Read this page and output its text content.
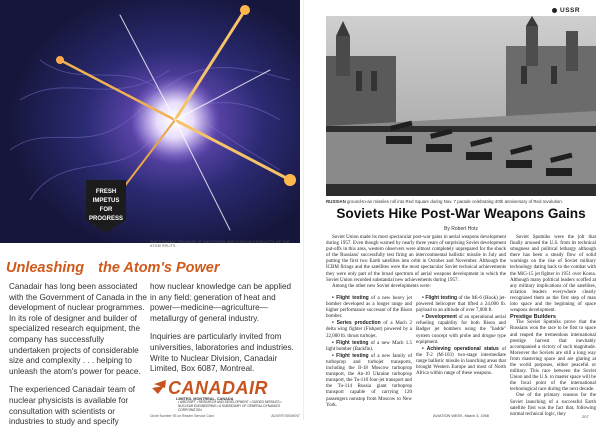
FRESH
IMPETUS
FOR
PROGRESS
THE DYNAMIC RELEASE OF NEUTRONS AND FISSION PRODUCTS AS THE ATOM SPLITS.
Unleashing the Atom's Power

Canadair has long been associated with the Government of Canada in the development of nuclear programmes. In its role of designer and builder of specialized research equipment, the company has successfully undertaken projects of considerable size and complexity . . . helping to unleash the atom's power for peace.

The experienced Canadair team of nuclear physicists is available for consultation with scientists or industries to study and specify

how nuclear knowledge can be applied in any field: generation of heat and power—medicine—agriculture—metallurgy of general industry.

Inquiries are particularly invited from universities, laboratories and industries. Write to Nuclear Division, Canadair Limited, Box 6087, Montreal.

CANADAIR
LIMITED, MONTREAL, CANADA
• AIRCRAFT • RESEARCH AND DEVELOPMENT • GUIDED MISSILES • NUCLEAR ENGINEERING • A SUBSIDIARY OF GENERAL DYNAMICS CORPORATION
Circle Number 93 on Reader Service Card	ADVERTISEMENT
USSR
RUSSIAN ground-to-air missiles roll into Red Square during Nov. 7 parade celebrating 40th anniversary of Red revolution.
Soviets Hike Post-War Weapons Gains
By Robert Hotz

Soviet Union made its most spectacular post-war gains in aerial weapons development during 1957. Even though warned by nearly three years of surprising Soviet development put-offs in this area, western observers were almost completely unprepared for the shock of the Russians' successfully test firing an intercontinental ballistic missile in July and putting the first two Earth satellites into orbit in October and November. Although the ICBM firings and the satellites were the most spectacular Soviet technical achievements they were only part of the broad spectrum of aerial weapons development in which the Soviet Union recorded substantial new achievements during 1957.

Among the other new Soviet developments were:

• Flight testing of a new heavy jet bomber developed as a longer range and higher performance successor of the Bison bomber.

• Series production of a Mach 2 delta wing fighter (Fishpot) powered by a 22,000 lb. thrust turbojet.

• Flight testing of a new Mach 1.5 light bomber (Backfin).

• Flight testing of a new family of turboprop and turbojet transports, including the Il-18 Moscow turboprop transport, the An-10 Ukraine turboprop transport, the Tu-110 four-jet transport and the Tu-114 Russia giant turboprop transport capable of carrying 120 passengers nonstop from Moscow to New York.

• Flight testing of the Mi-6 (Hook) jet-powered helicopter that lifted a 24,000 lb. payload to an altitude of over 7,000 ft.

• Development of an operational aerial refueling capability for both Bison and Badger jet bombers using the "hadde" system concept with probe and drogue type equipment.

• Achieving operational status of the T-2 (M-103) two-stage intermediate range ballistic missile in launching areas that brought Western Europe and most of North Africa within range of these weapons.

Soviet Sputniks were the jolt that finally aroused the U.S. from its technical smugness and political lethargy although there has been a steady flow of solid warnings on the rise of Soviet military technology dating back to the combat with the MiG-15 jet fighter in 1951 over Korea. Although many political leaders scoffed at any military implications of the satellites, aviation leaders everywhere clearly recognized them as the first step of man into space and the beginning of space weapons development.

Prestige Builders

The Soviet Sputniks prove that the Russians won the race to be first to space and reaped the tremendous international prestige harvest that inevitably accompanied a victory of such magnitude. Moreover the Soviets are still a long way from mastering space and are glaring at the world purposes, either peaceful or military. This race between the Soviet Union and the U.S. to master space will be the focal point of the international technological race during the next decade.

One of the primary reasons for the Soviet launching of a successful Earth satellite first was the fact that, following normal technical logic, they

AVIATION WEEK, March 3, 1958	207
